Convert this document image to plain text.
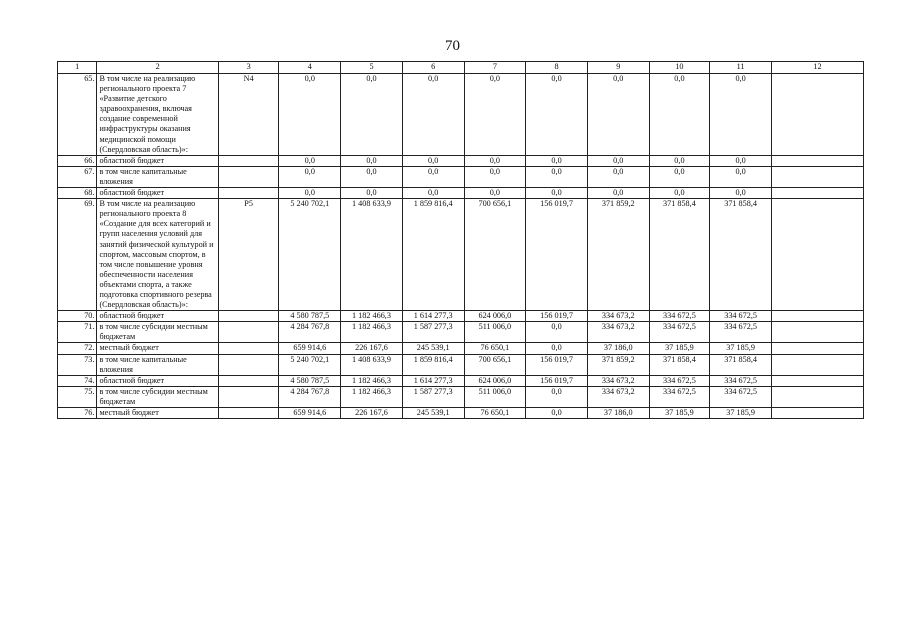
70
1	2	3	4	5	6	7	8	9	10	11	12
65.	В том числе на реализацию регионального проекта 7 «Развитие детского здравоохранения, включая создание современной инфраструктуры оказания медицинской помощи (Свердловская область)»:	N4	0,0	0,0	0,0	0,0	0,0	0,0	0,0	0,0	
66.	областной бюджет		0,0	0,0	0,0	0,0	0,0	0,0	0,0	0,0	
67.	в том числе капитальные вложения		0,0	0,0	0,0	0,0	0,0	0,0	0,0	0,0	
68.	областной бюджет		0,0	0,0	0,0	0,0	0,0	0,0	0,0	0,0	
69.	В том числе на реализацию регионального проекта 8 «Создание для всех категорий и групп населения условий для занятий физической культурой и спортом, массовым спортом, в том числе повышение уровня обеспеченности населения объектами спорта, а также подготовка спортивного резерва (Свердловская область)»:	P5	5 240 702,1	1 408 633,9	1 859 816,4	700 656,1	156 019,7	371 859,2	371 858,4	371 858,4	
70.	областной бюджет		4 580 787,5	1 182 466,3	1 614 277,3	624 006,0	156 019,7	334 673,2	334 672,5	334 672,5	
71.	в том числе субсидии местным бюджетам		4 284 767,8	1 182 466,3	1 587 277,3	511 006,0	0,0	334 673,2	334 672,5	334 672,5	
72.	местный бюджет		659 914,6	226 167,6	245 539,1	76 650,1	0,0	37 186,0	37 185,9	37 185,9	
73.	в том числе капитальные вложения		5 240 702,1	1 408 633,9	1 859 816,4	700 656,1	156 019,7	371 859,2	371 858,4	371 858,4	
74.	областной бюджет		4 580 787,5	1 182 466,3	1 614 277,3	624 006,0	156 019,7	334 673,2	334 672,5	334 672,5	
75.	в том числе субсидии местным бюджетам		4 284 767,8	1 182 466,3	1 587 277,3	511 006,0	0,0	334 673,2	334 672,5	334 672,5	
76.	местный бюджет		659 914,6	226 167,6	245 539,1	76 650,1	0,0	37 186,0	37 185,9	37 185,9	
